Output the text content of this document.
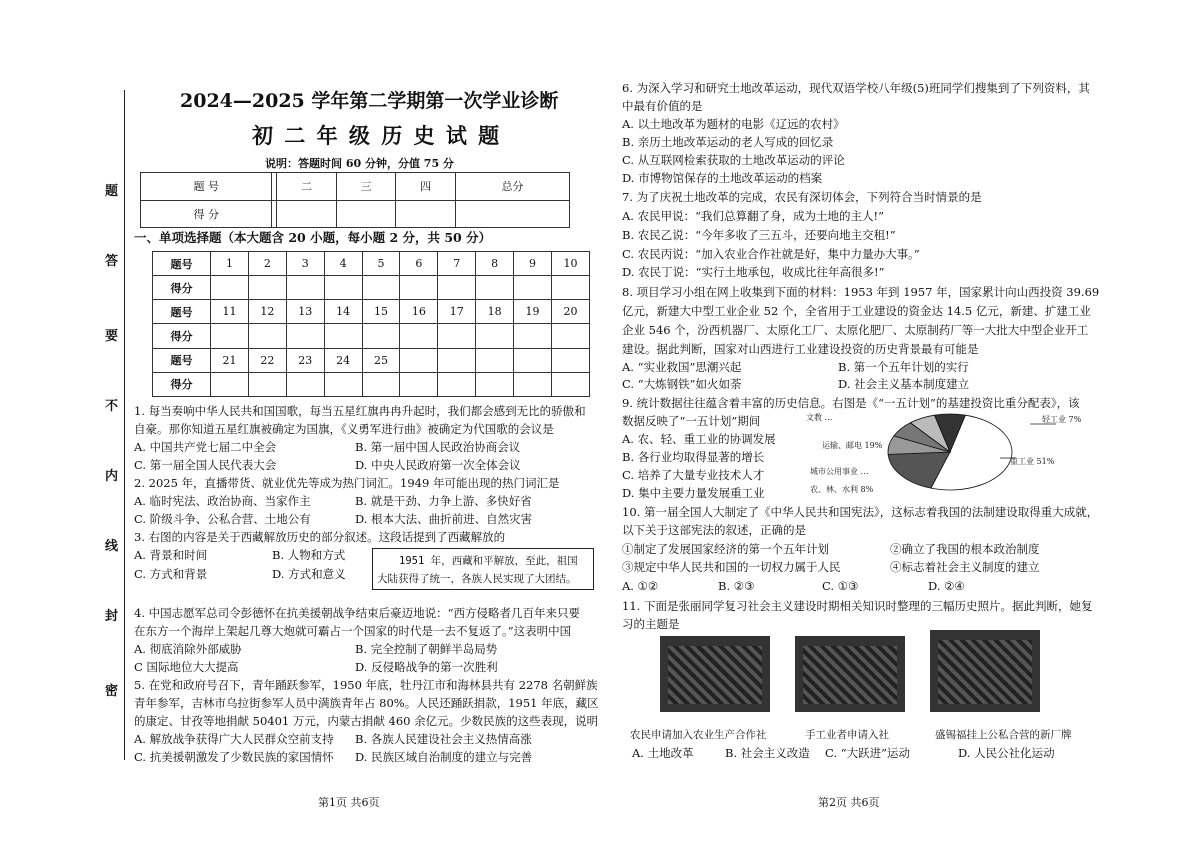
题
答
要
不
内
线
封
密
2024—2025 学年第二学期第一次学业诊断
初 二 年 级 历 史 试 题
说明：答题时间 60 分钟，分值 75 分
题 号		二	三	四	总分
得 分					
一、单项选择题（本大题含 20 小题，每小题 2 分，共 50 分）
题号	1	2	3	4	5	6	7	8	9	10
得分										
题号	11	12	13	14	15	16	17	18	19	20
得分										
题号	21	22	23	24	25					
得分										
1. 每当奏响中华人民共和国国歌，每当五星红旗冉冉升起时，我们都会感到无比的骄傲和
自豪。那你知道五星红旗被确定为国旗，《义勇军进行曲》被确定为代国歌的会议是
A. 中国共产党七届二中全会	B. 第一届中国人民政治协商会议
C. 第一届全国人民代表大会	D. 中央人民政府第一次全体会议
2. 2025 年，直播带货、就业优先等成为热门词汇。1949 年可能出现的热门词汇是
A. 临时宪法、政治协商、当家作主	B. 就是干劲、力争上游、多快好省
C. 阶级斗争、公私合营、土地公有	D. 根本大法、曲折前进、自然灾害
3. 右图的内容是关于西藏解放历史的部分叙述。这段话提到了西藏解放的
A. 背景和时间	B. 人物和方式
C. 方式和背景	D. 方式和意义
1951 年，西藏和平解放，至此，祖国
大陆获得了统一，各族人民实现了大团结。
4. 中国志愿军总司令彭德怀在抗美援朝战争结束后豪迈地说：“西方侵略者几百年来只要
在东方一个海岸上架起几尊大炮就可霸占一个国家的时代是一去不复返了。”这表明中国
A. 彻底消除外部威胁	B. 完全控制了朝鲜半岛局势
C 国际地位大大提高	D. 反侵略战争的第一次胜利
5. 在党和政府号召下，青年踊跃参军，1950 年底，牡丹江市和海林县共有 2278 名朝鲜族
青年参军，吉林市乌拉街参军人员中满族青年占 80%。人民还踊跃捐款，1951 年底，藏区
的康定、甘孜等地捐献 50401 万元，内蒙古捐献 460 余亿元。少数民族的这些表现，说明
A. 解放战争获得广大人民群众空前支持 B. 各族人民建设社会主义热情高涨
C. 抗美援朝激发了少数民族的家国情怀 D. 民族区域自治制度的建立与完善
第1页 共6页
6. 为深入学习和研究土地改革运动，现代双语学校八年级(5)班同学们搜集到了下列资料，其
中最有价值的是
A. 以土地改革为题材的电影《辽远的农村》
B. 亲历土地改革运动的老人写成的回忆录
C. 从互联网检索获取的土地改革运动的评论
D. 市博物馆保存的土地改革运动的档案
7. 为了庆祝土地改革的完成，农民有深切体会，下列符合当时情景的是
A. 农民甲说：“我们总算翻了身，成为土地的主人!”
B. 农民乙说：“今年多收了三五斗，还要向地主交租!”
C. 农民丙说：“加入农业合作社就是好，集中力量办大事。”
D. 农民丁说：“实行土地承包，收成比往年高很多!”
8. 项目学习小组在网上收集到下面的材料：1953 年到 1957 年，国家累计向山西投资 39.69
亿元，新建大中型工业企业 52 个，全省用于工业建设的资金达 14.5 亿元，新建、扩建工业
企业 546 个，汾西机器厂、太原化工厂、太原化肥厂、太原制药厂等一大批大中型企业开工
建设。据此判断，国家对山西进行工业建设投资的历史背景最有可能是
A. “实业救国”思潮兴起	B. 第一个五年计划的实行
C. “大炼钢铁”如火如荼	D. 社会主义基本制度建立
9. 统计数据往往蕴含着丰富的历史信息。右图是《“一五计划”的基建投资比重分配表》，该
数据反映了“一五计划”期间
A. 农、轻、重工业的协调发展
B. 各行业均取得显著的增长
C. 培养了大量专业技术人才
D. 集中主要力量发展重工业
文教 …
运输、邮电 19%
城市公用事业 …
农、林、水利 8%
轻工业 7%
重工业 51%
10. 第一届全国人大制定了《中华人民共和国宪法》，这标志着我国的法制建设取得重大成就，
以下关于这部宪法的叙述，正确的是
①制定了发展国家经济的第一个五年计划	②确立了我国的根本政治制度
③规定中华人民共和国的一切权力属于人民	④标志着社会主义制度的建立
A. ①②	B. ②③	C. ①③	D. ②④
11. 下面是张丽同学复习社会主义建设时期相关知识时整理的三幅历史照片。据此判断，她复
习的主题是
农民申请加入农业生产合作社	手工业者申请入社	盛锡福挂上公私合营的新厂牌
A. 土地改革	B. 社会主义改造 C. “大跃进”运动	D. 人民公社化运动
第2页 共6页
